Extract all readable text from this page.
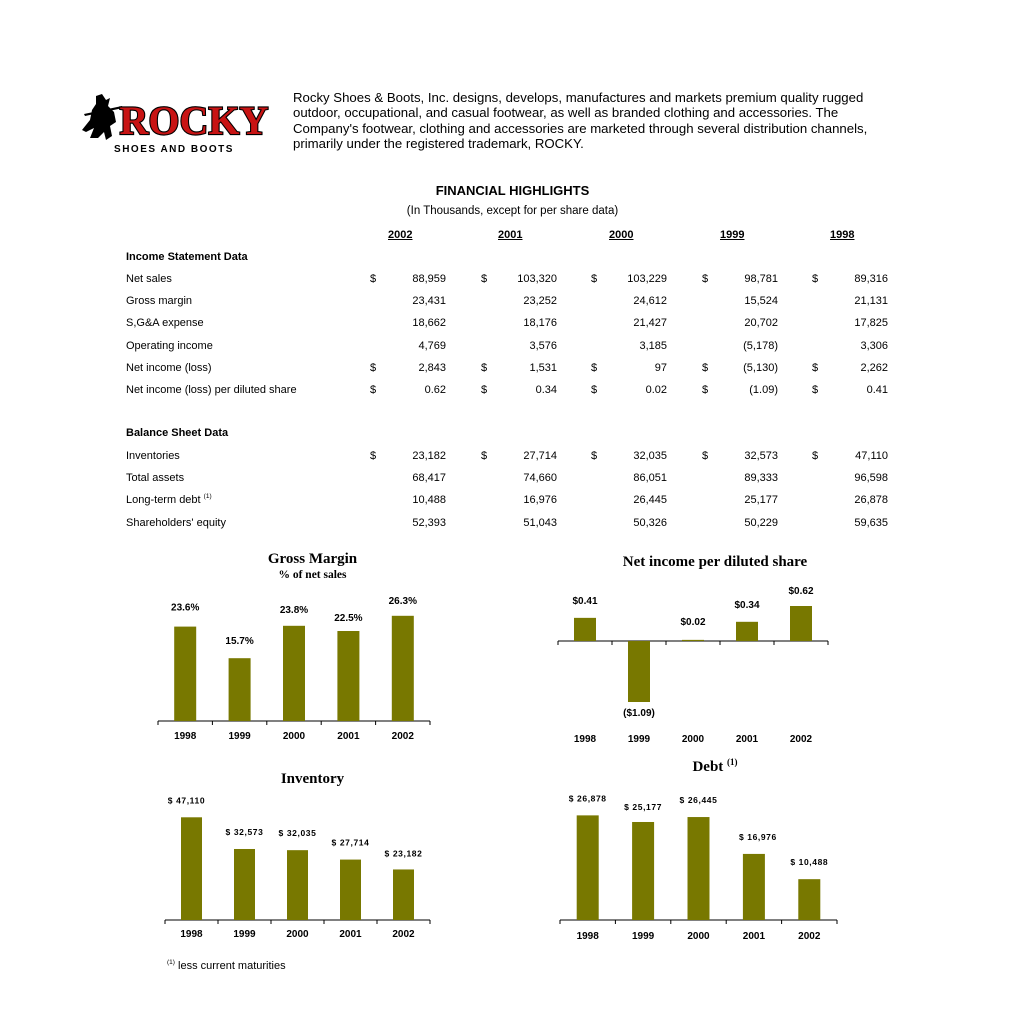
ROCKY
SHOES AND BOOTS
Rocky Shoes & Boots, Inc. designs, develops, manufactures and markets premium quality rugged outdoor, occupational, and casual footwear, as well as branded clothing and accessories. The Company's footwear, clothing and accessories are marketed through several distribution channels, primarily under the registered trademark, ROCKY.
FINANCIAL HIGHLIGHTS
(In Thousands, except for per share data)
2002	2001	2000	1999	1998
Income Statement Data
Net sales	$	88,959	$	103,320	$	103,229	$	98,781	$	89,316
Gross margin	23,431	23,252	24,612	15,524	21,131
S,G&A expense	18,662	18,176	21,427	20,702	17,825
Operating income	4,769	3,576	3,185	(5,178)	3,306
Net income (loss)	$	2,843	$	1,531	$	97	$	(5,130)	$	2,262
Net income (loss) per diluted share	$	0.62	$	0.34	$	0.02	$	(1.09)	$	0.41
Balance Sheet Data
Inventories	$	23,182	$	27,714	$	32,035	$	32,573	$	47,110
Total assets	68,417	74,660	86,051	89,333	96,598
Long-term debt $^{(1)}$	10,488	16,976	26,445	25,177	26,878
Shareholders' equity	52,393	51,043	50,326	50,229	59,635
Gross Margin
% of net sales
23.6%
1998
15.7%
1999
23.8%
2000
22.5%
2001
26.3%
2002
Net income per diluted share
$0.41
1998
($1.09)
1999
$0.02
2000
$0.34
2001
$0.62
2002
Inventory
$ 47,110
1998
$ 32,573
1999
$ 32,035
2000
$ 27,714
2001
$ 23,182
2002
Debt $^{(1)}$
$ 26,878
1998
$ 25,177
1999
$ 26,445
2000
$ 16,976
2001
$ 10,488
2002
$^{(1)}$ less current maturities
